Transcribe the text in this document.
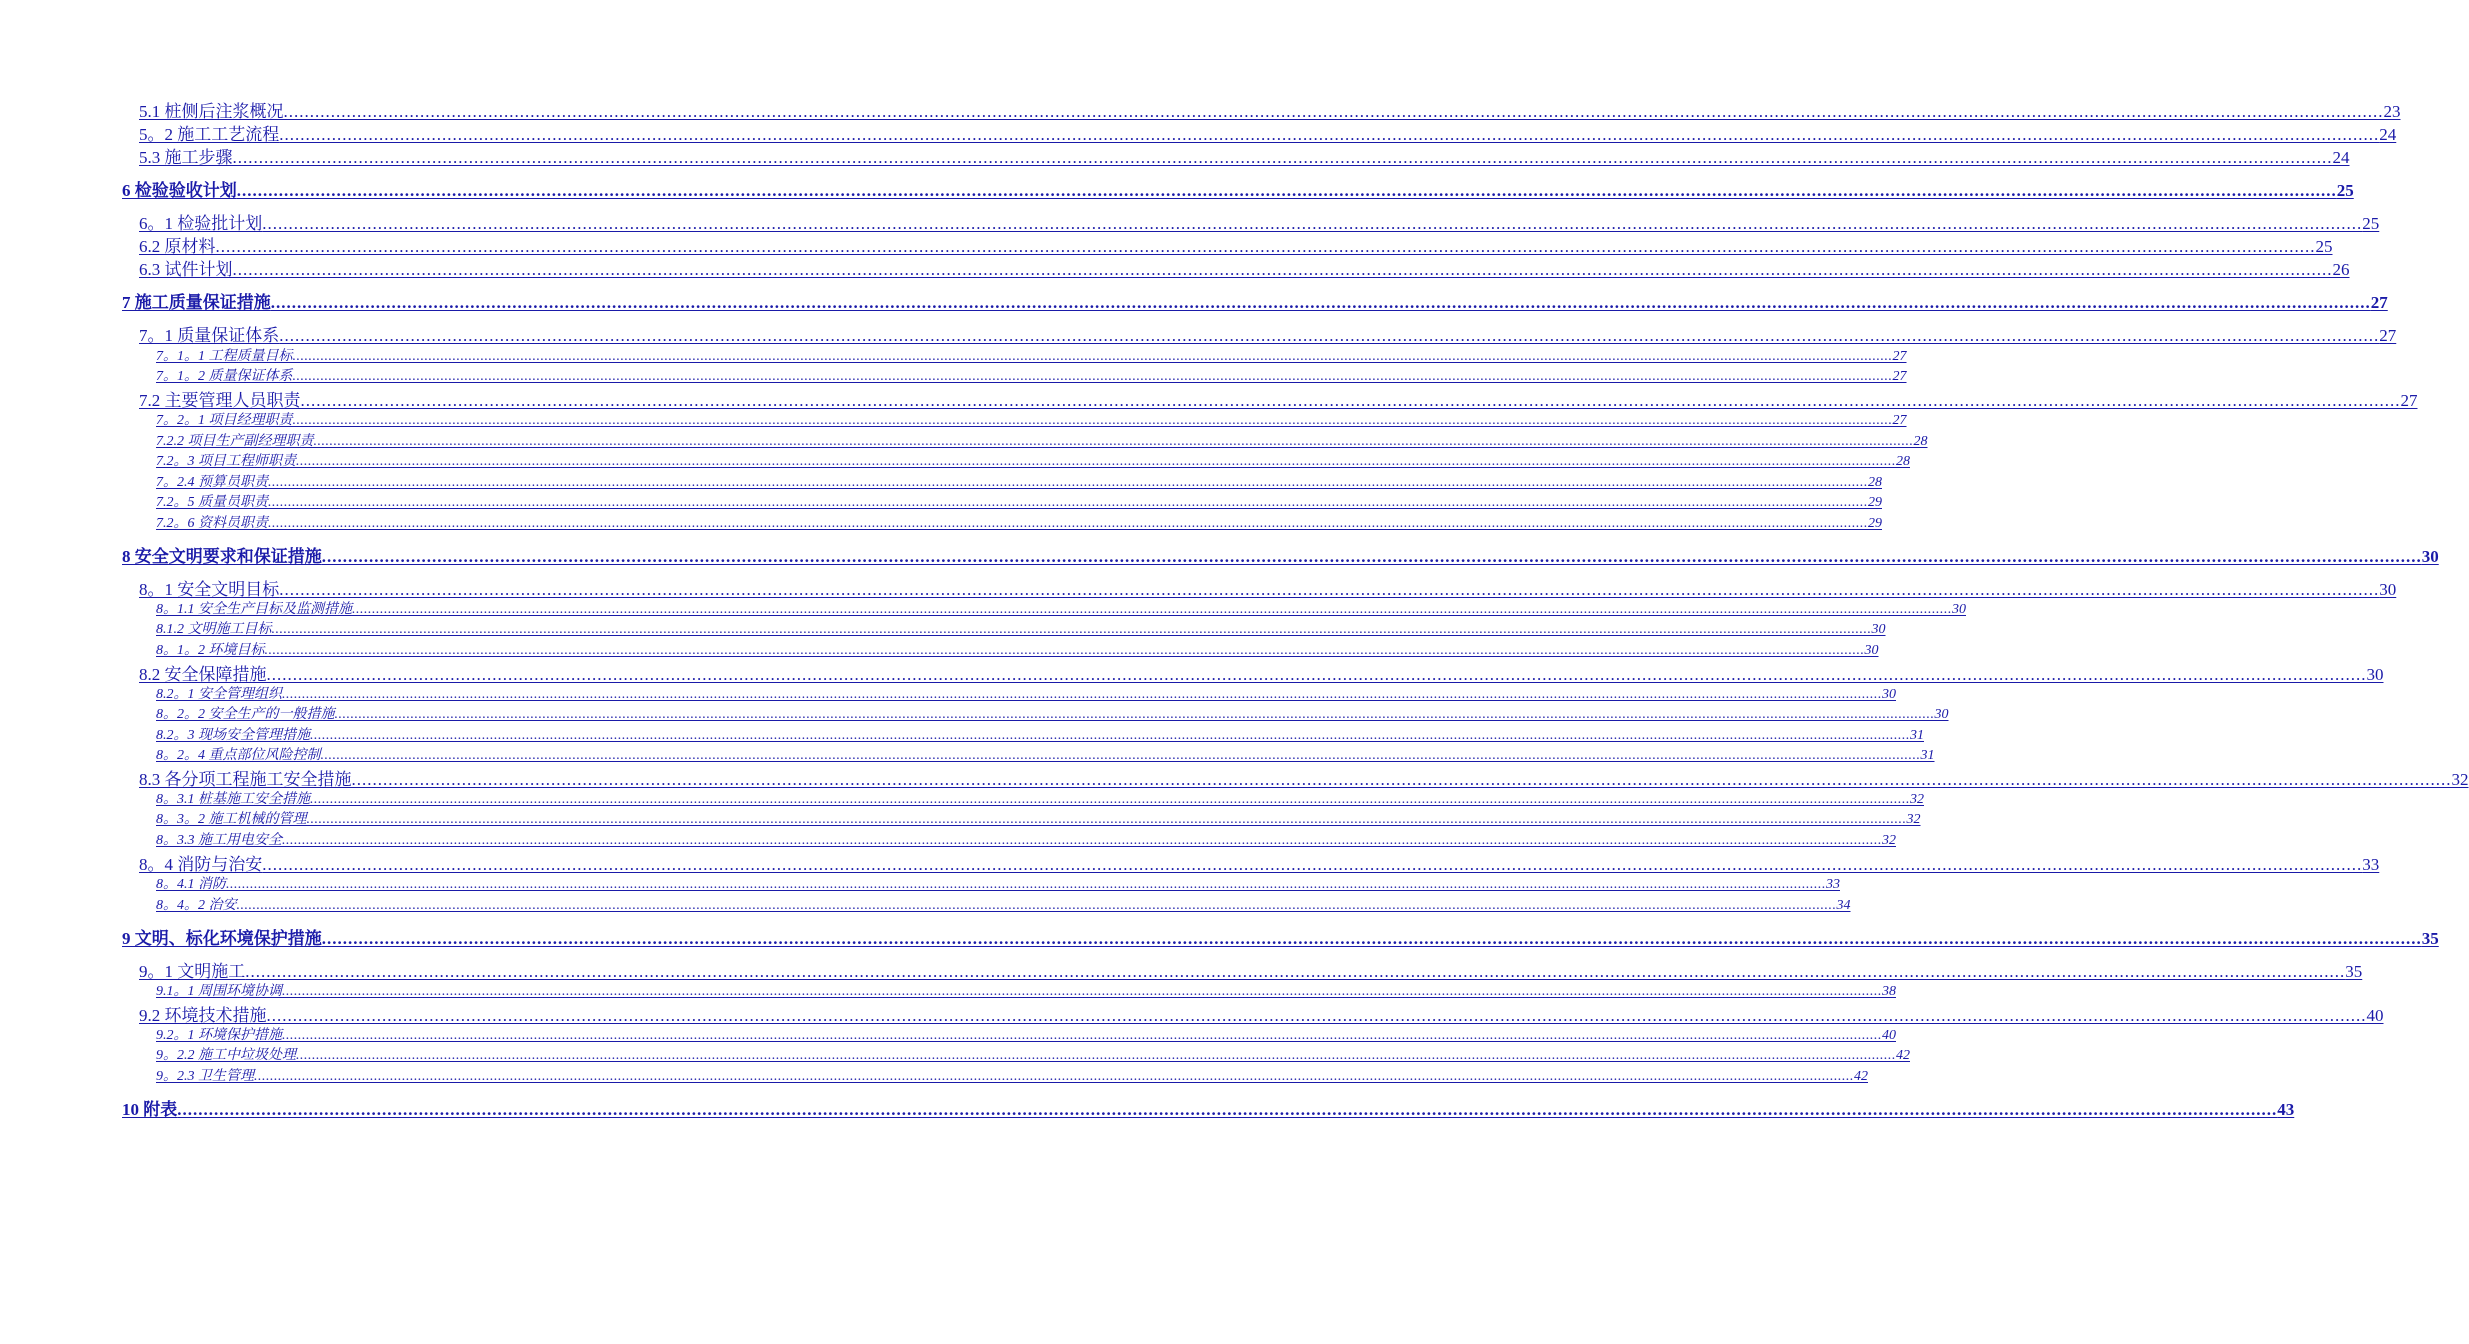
5.1 桩侧后注浆概况 ................................................................................................................................................................................................................................................................................................................................................................................................................ 23
5。2 施工工艺流程 ................................................................................................................................................................................................................................................................................................................................................................................................................ 24
5.3 施工步骤 ................................................................................................................................................................................................................................................................................................................................................................................................................ 24
6 检验验收计划 ................................................................................................................................................................................................................................................................................................................................................................................................................ 25
6。1 检验批计划 ................................................................................................................................................................................................................................................................................................................................................................................................................ 25
6.2 原材料 ................................................................................................................................................................................................................................................................................................................................................................................................................ 25
6.3 试件计划 ................................................................................................................................................................................................................................................................................................................................................................................................................ 26
7 施工质量保证措施 ................................................................................................................................................................................................................................................................................................................................................................................................................ 27
7。1 质量保证体系 ................................................................................................................................................................................................................................................................................................................................................................................................................ 27
7。1。1 工程质量目标 ................................................................................................................................................................................................................................................................................................................................................................................................................ 27
7。1。2 质量保证体系 ................................................................................................................................................................................................................................................................................................................................................................................................................ 27
7.2 主要管理人员职责 ................................................................................................................................................................................................................................................................................................................................................................................................................ 27
7。2。1 项目经理职责 ................................................................................................................................................................................................................................................................................................................................................................................................................ 27
7.2.2 项目生产副经理职责 ................................................................................................................................................................................................................................................................................................................................................................................................................ 28
7.2。3 项目工程师职责 ................................................................................................................................................................................................................................................................................................................................................................................................................ 28
7。2.4 预算员职责 ................................................................................................................................................................................................................................................................................................................................................................................................................ 28
7.2。5 质量员职责 ................................................................................................................................................................................................................................................................................................................................................................................................................ 29
7.2。6 资料员职责 ................................................................................................................................................................................................................................................................................................................................................................................................................ 29
8 安全文明要求和保证措施 ................................................................................................................................................................................................................................................................................................................................................................................................................ 30
8。1 安全文明目标 ................................................................................................................................................................................................................................................................................................................................................................................................................ 30
8。1.1 安全生产目标及监测措施 ................................................................................................................................................................................................................................................................................................................................................................................................................ 30
8.1.2 文明施工目标 ................................................................................................................................................................................................................................................................................................................................................................................................................ 30
8。1。2 环境目标 ................................................................................................................................................................................................................................................................................................................................................................................................................ 30
8.2 安全保障措施 ................................................................................................................................................................................................................................................................................................................................................................................................................ 30
8.2。1 安全管理组织 ................................................................................................................................................................................................................................................................................................................................................................................................................ 30
8。2。2 安全生产的一般措施 ................................................................................................................................................................................................................................................................................................................................................................................................................ 30
8.2。3 现场安全管理措施 ................................................................................................................................................................................................................................................................................................................................................................................................................ 31
8。2。4 重点部位风险控制 ................................................................................................................................................................................................................................................................................................................................................................................................................ 31
8.3 各分项工程施工安全措施 ................................................................................................................................................................................................................................................................................................................................................................................................................ 32
8。3.1 桩基施工安全措施 ................................................................................................................................................................................................................................................................................................................................................................................................................ 32
8。3。2 施工机械的管理 ................................................................................................................................................................................................................................................................................................................................................................................................................ 32
8。3.3 施工用电安全 ................................................................................................................................................................................................................................................................................................................................................................................................................ 32
8。4 消防与治安 ................................................................................................................................................................................................................................................................................................................................................................................................................ 33
8。4.1 消防 ................................................................................................................................................................................................................................................................................................................................................................................................................ 33
8。4。2 治安 ................................................................................................................................................................................................................................................................................................................................................................................................................ 34
9 文明、标化环境保护措施 ................................................................................................................................................................................................................................................................................................................................................................................................................ 35
9。1 文明施工 ................................................................................................................................................................................................................................................................................................................................................................................................................ 35
9.1。1 周围环境协调 ................................................................................................................................................................................................................................................................................................................................................................................................................ 38
9.2 环境技术措施 ................................................................................................................................................................................................................................................................................................................................................................................................................ 40
9.2。1 环境保护措施 ................................................................................................................................................................................................................................................................................................................................................................................................................ 40
9。2.2 施工中垃圾处理 ................................................................................................................................................................................................................................................................................................................................................................................................................ 42
9。2.3 卫生管理 ................................................................................................................................................................................................................................................................................................................................................................................................................ 42
10 附表 ................................................................................................................................................................................................................................................................................................................................................................................................................ 43
